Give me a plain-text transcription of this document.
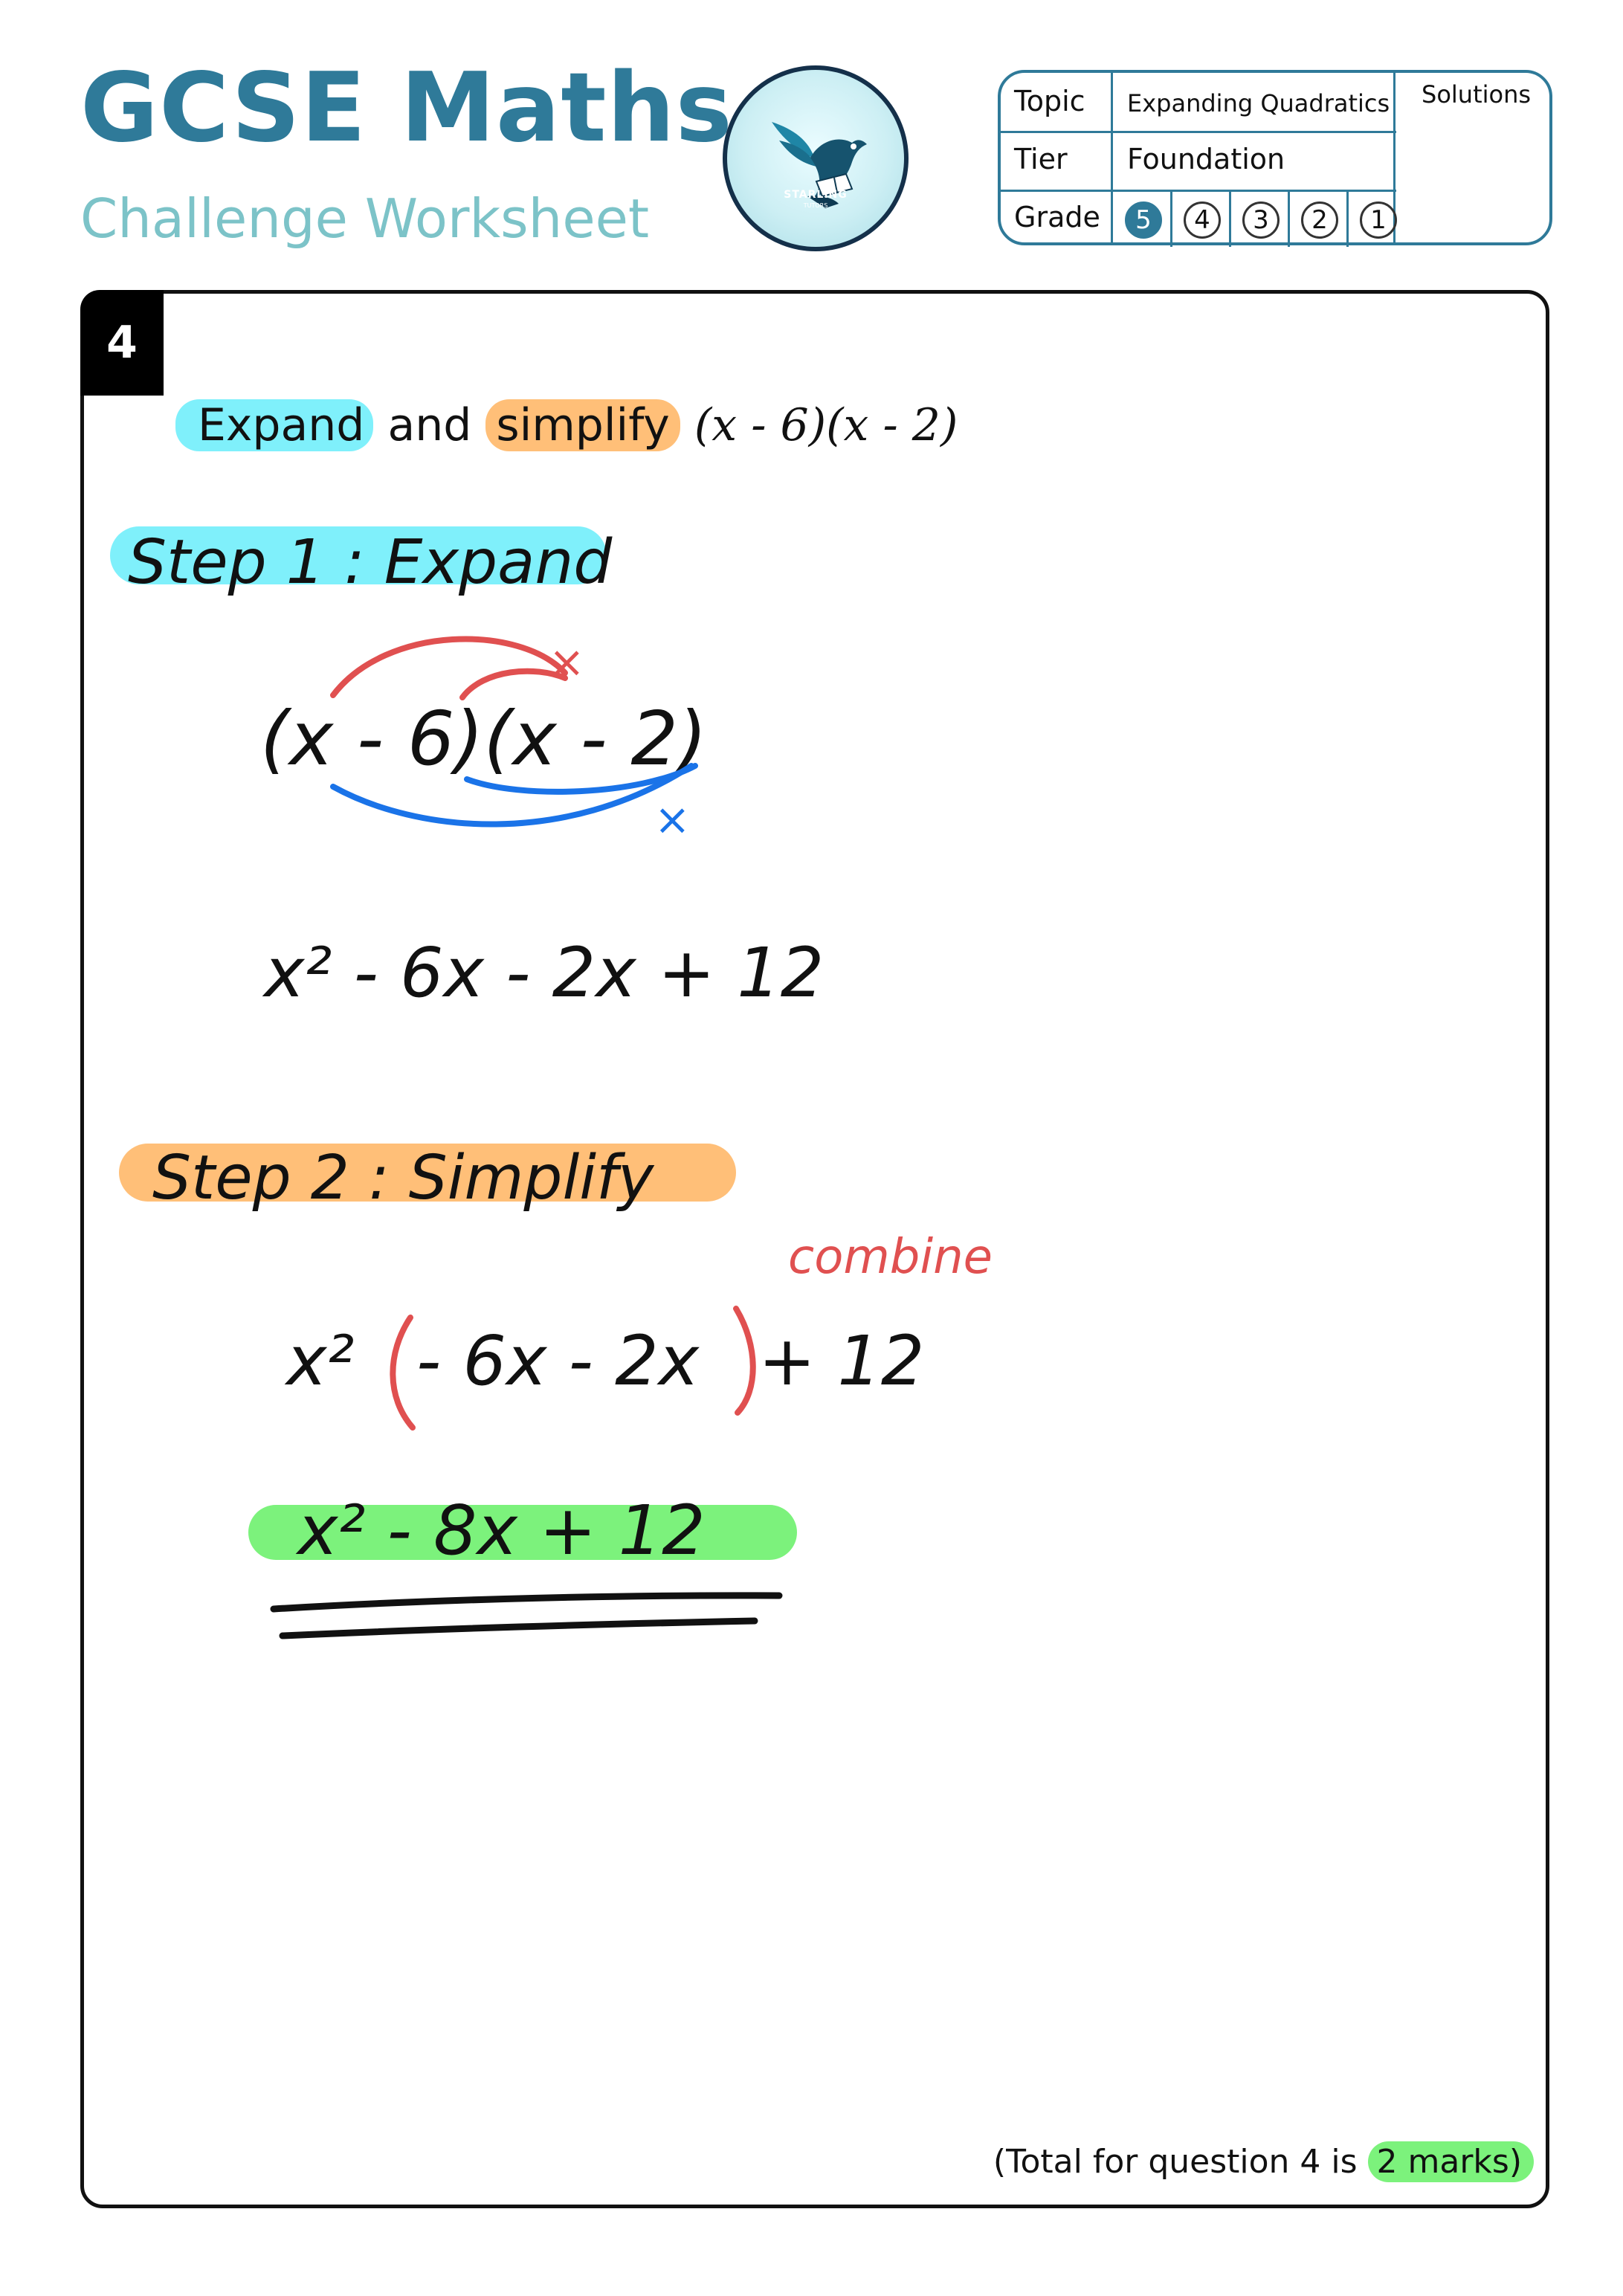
GCSE Maths
Challenge Worksheet	STARLING
TUTORS
Topic Expanding Quadratics
Tier Foundation
Grade	5	4	3	2	1
Solutions
4
Expand and simplify (x - 6)(x - 2)
Step 1 : Expand
(x - 6)(x - 2)
×
×
x² - 6x - 2x + 12
Step 2 : Simplify
combine
x² - 6x - 2x + 12
x² - 8x + 12
(Total for question 4 is 2 marks)
